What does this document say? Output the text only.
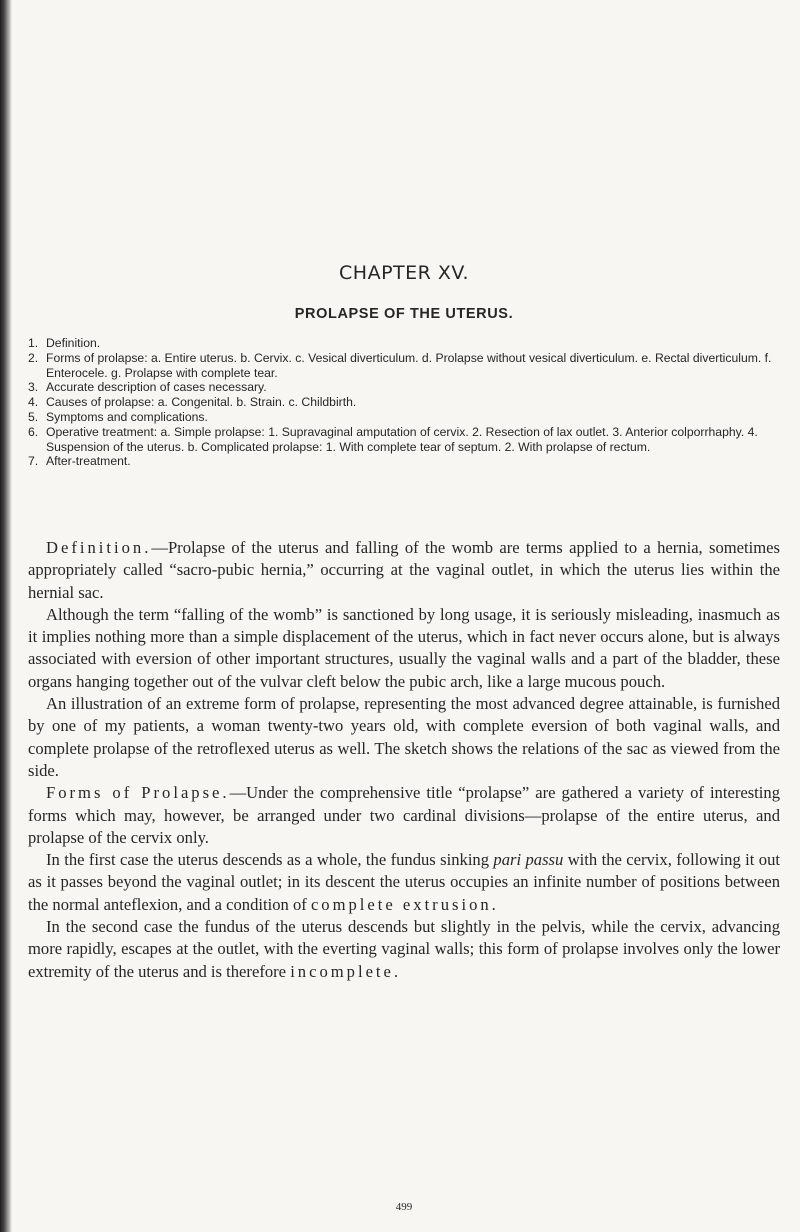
CHAPTER XV.
PROLAPSE OF THE UTERUS.
1. Definition.
2. Forms of prolapse: a. Entire uterus. b. Cervix. c. Vesical diverticulum. d. Prolapse without vesical diverticulum. e. Rectal diverticulum. f. Enterocele. g. Prolapse with complete tear.
3. Accurate description of cases necessary.
4. Causes of prolapse: a. Congenital. b. Strain. c. Childbirth.
5. Symptoms and complications.
6. Operative treatment: a. Simple prolapse: 1. Supravaginal amputation of cervix. 2. Resection of lax outlet. 3. Anterior colporrhaphy. 4. Suspension of the uterus. b. Complicated prolapse: 1. With complete tear of septum. 2. With prolapse of rectum.
7. After-treatment.

Definition.—Prolapse of the uterus and falling of the womb are terms applied to a hernia, sometimes appropriately called “sacro-pubic hernia,” occurring at the vaginal outlet, in which the uterus lies within the hernial sac.

Although the term “falling of the womb” is sanctioned by long usage, it is seriously misleading, inasmuch as it implies nothing more than a simple displacement of the uterus, which in fact never occurs alone, but is always associated with eversion of other important structures, usually the vaginal walls and a part of the bladder, these organs hanging together out of the vulvar cleft below the pubic arch, like a large mucous pouch.

An illustration of an extreme form of prolapse, representing the most advanced degree attainable, is furnished by one of my patients, a woman twenty-two years old, with complete eversion of both vaginal walls, and complete prolapse of the retroflexed uterus as well. The sketch shows the relations of the sac as viewed from the side.

Forms of Prolapse.—Under the comprehensive title “prolapse” are gathered a variety of interesting forms which may, however, be arranged under two cardinal divisions—prolapse of the entire uterus, and prolapse of the cervix only.

In the first case the uterus descends as a whole, the fundus sinking pari passu with the cervix, following it out as it passes beyond the vaginal outlet; in its descent the uterus occupies an infinite number of positions between the normal anteflexion, and a condition of complete extrusion.

In the second case the fundus of the uterus descends but slightly in the pelvis, while the cervix, advancing more rapidly, escapes at the outlet, with the everting vaginal walls; this form of prolapse involves only the lower extremity of the uterus and is therefore incomplete.

499
